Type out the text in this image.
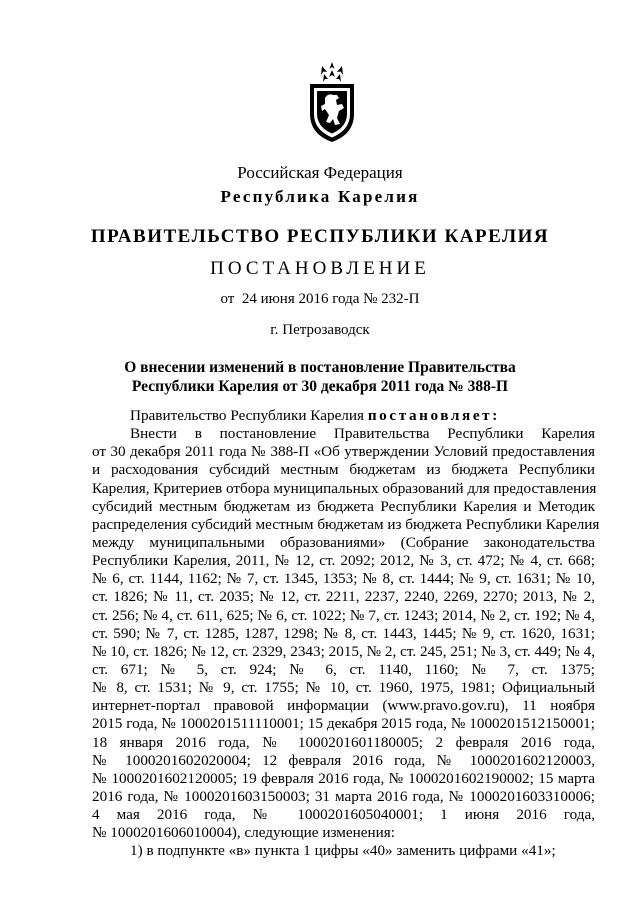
Российская Федерация
Республика Карелия
ПРАВИТЕЛЬСТВО РЕСПУБЛИКИ КАРЕЛИЯ
ПОСТАНОВЛЕНИЕ
от  24 июня 2016 года № 232-П
г. Петрозаводск
О внесении изменений в постановление Правительства
Республики Карелия от 30 декабря 2011 года № 388-П
Правительство Республики Карелия постановляет:
Внести в постановление Правительства Республики Карелия
от 30 декабря 2011 года № 388-П «Об утверждении Условий предоставления
и расходования субсидий местным бюджетам из бюджета Республики
Карелия, Критериев отбора муниципальных образований для предоставления
субсидий местным бюджетам из бюджета Республики Карелия и Методик
распределения субсидий местным бюджетам из бюджета Республики Карелия
между муниципальными образованиями» (Собрание законодательства
Республики Карелия, 2011, № 12, ст. 2092; 2012, № 3, ст. 472; № 4, ст. 668;
№ 6, ст. 1144, 1162; № 7, ст. 1345, 1353; № 8, ст. 1444; № 9, ст. 1631; № 10,
ст. 1826; № 11, ст. 2035; № 12, ст. 2211, 2237, 2240, 2269, 2270; 2013, № 2,
ст. 256; № 4, ст. 611, 625; № 6, ст. 1022; № 7, ст. 1243; 2014, № 2, ст. 192; № 4,
ст. 590; № 7, ст. 1285, 1287, 1298; № 8, ст. 1443, 1445; № 9, ст. 1620, 1631;
№ 10, ст. 1826; № 12, ст. 2329, 2343; 2015, № 2, ст. 245, 251; № 3, ст. 449; № 4,
ст. 671; № 5, ст. 924; № 6, ст. 1140, 1160; № 7, ст. 1375;
№ 8, ст. 1531; № 9, ст. 1755; № 10, ст. 1960, 1975, 1981; Официальный
интернет-портал правовой информации (www.pravo.gov.ru), 11 ноября
2015 года, № 1000201511110001; 15 декабря 2015 года, № 1000201512150001;
18 января 2016 года, № 1000201601180005; 2 февраля 2016 года,
№ 1000201602020004; 12 февраля 2016 года, № 1000201602120003,
№ 1000201602120005; 19 февраля 2016 года, № 1000201602190002; 15 марта
2016 года, № 1000201603150003; 31 марта 2016 года, № 1000201603310006;
4 мая 2016 года, № 1000201605040001; 1 июня 2016 года,
№ 1000201606010004), следующие изменения:
1) в подпункте «в» пункта 1 цифры «40» заменить цифрами «41»;
